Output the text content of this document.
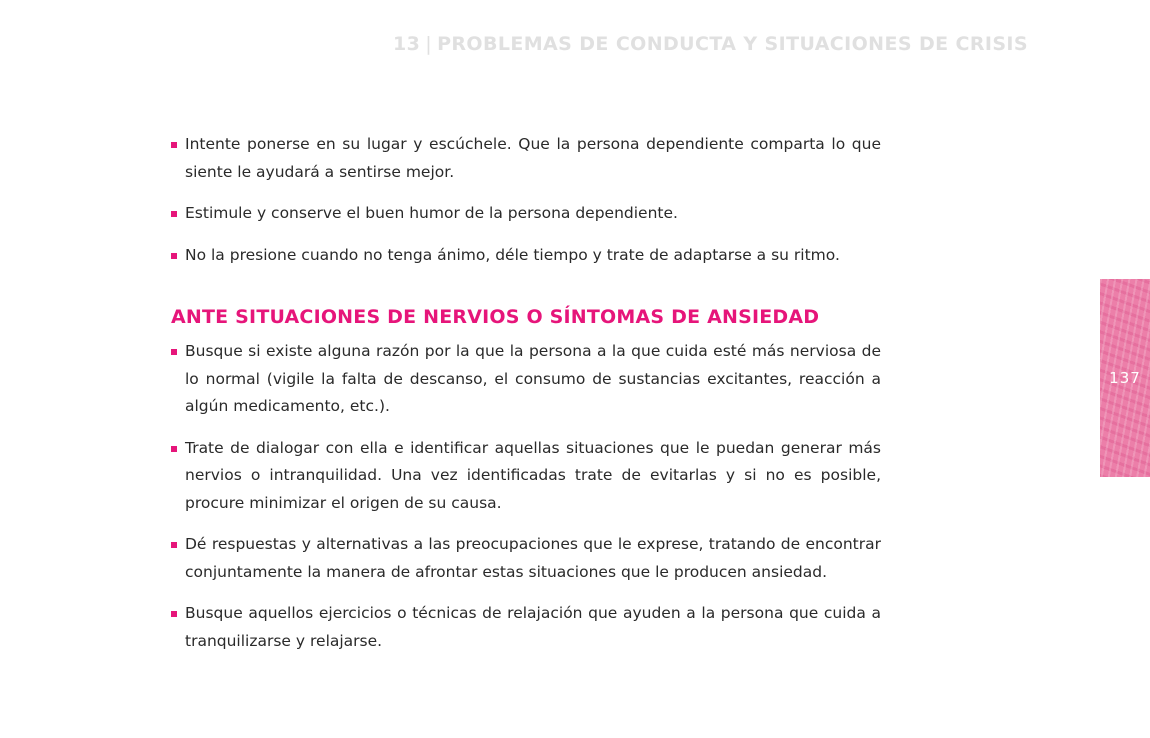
13 | PROBLEMAS DE CONDUCTA Y SITUACIONES DE CRISIS
Intente ponerse en su lugar y escúchele. Que la persona dependiente comparta lo que siente le ayudará a sentirse mejor.
Estimule y conserve el buen humor de la persona dependiente.
No la presione cuando no tenga ánimo, déle tiempo y trate de adaptarse a su ritmo.
ANTE SITUACIONES DE NERVIOS O SÍNTOMAS DE ANSIEDAD
Busque si existe alguna razón por la que la persona a la que cuida esté más nerviosa de lo normal (vigile la falta de descanso, el consumo de sustancias excitantes, reacción a algún medicamento, etc.).
Trate de dialogar con ella e identificar aquellas situaciones que le puedan generar más nervios o intranquilidad. Una vez identificadas trate de evitarlas y si no es posible, procure minimizar el origen de su causa.
Dé respuestas y alternativas a las preocupaciones que le exprese, tratando de encontrar conjuntamente la manera de afrontar estas situaciones que le producen ansiedad.
Busque aquellos ejercicios o técnicas de relajación que ayuden a la persona que cuida a tranquilizarse y relajarse.
137
